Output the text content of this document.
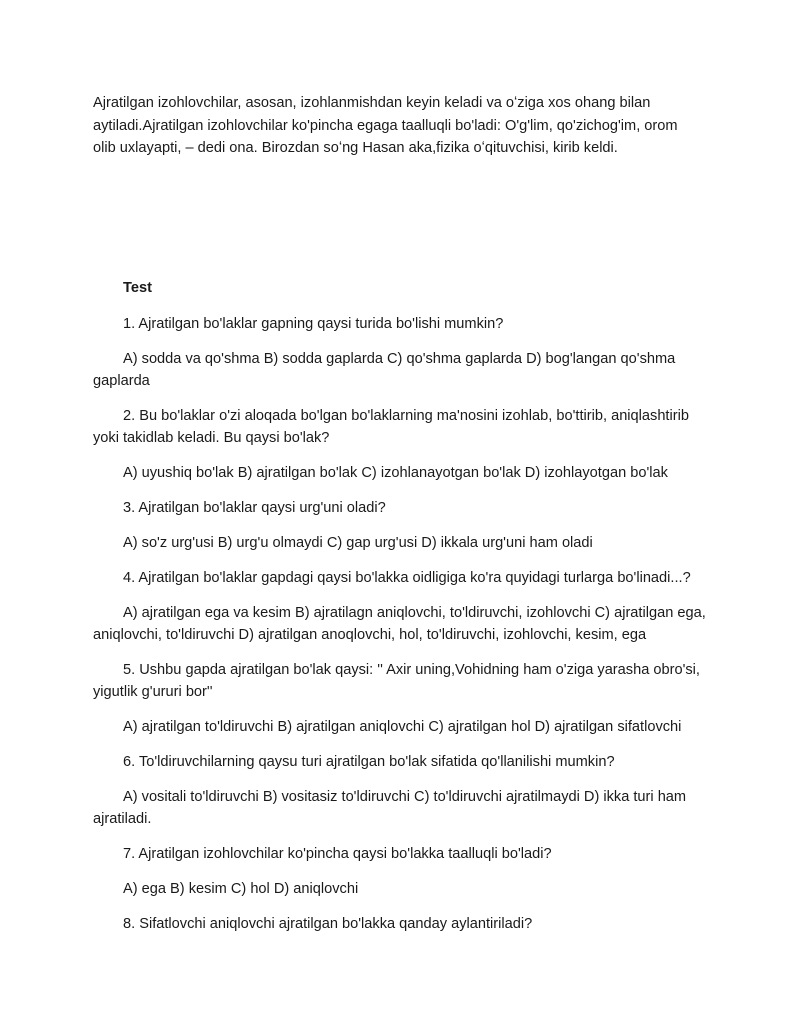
Ajratilgan izohlovchilar, asosan, izohlanmishdan keyin keladi va oʻziga xos ohang bilan aytiladi.Ajratilgan izohlovchilar ko'pincha egaga taalluqli bo'ladi: O'g'lim, qo'zichog'im, orom olib uxlayapti, – dedi ona. Birozdan soʻng Hasan aka,fizika oʻqituvchisi, kirib keldi.

Test

1. Ajratilgan bo'laklar gapning qaysi turida bo'lishi mumkin?

A) sodda va qo'shma B) sodda gaplarda C) qo'shma gaplarda D) bog'langan qo'shma gaplarda

2. Bu bo'laklar o'zi aloqada bo'lgan bo'laklarning ma'nosini izohlab, bo'ttirib, aniqlashtirib yoki takidlab keladi. Bu qaysi bo'lak?

A) uyushiq bo'lak B) ajratilgan bo'lak C) izohlanayotgan bo'lak D) izohlayotgan bo'lak

3. Ajratilgan bo'laklar qaysi urg'uni oladi?

A) so'z urg'usi B) urg'u olmaydi C) gap urg'usi D) ikkala urg'uni ham oladi

4. Ajratilgan bo'laklar gapdagi qaysi bo'lakka oidligiga ko'ra quyidagi turlarga bo'linadi...?

A) ajratilgan ega va kesim B) ajratilagn aniqlovchi, to'ldiruvchi, izohlovchi C) ajratilgan ega, aniqlovchi, to'ldiruvchi D) ajratilgan anoqlovchi, hol, to'ldiruvchi, izohlovchi, kesim, ega

5. Ushbu gapda ajratilgan bo'lak qaysi: '' Axir uning,Vohidning ham o'ziga yarasha obro'si, yigutlik g'ururi bor''

A) ajratilgan to'ldiruvchi B) ajratilgan aniqlovchi C) ajratilgan hol D) ajratilgan sifatlovchi

6. To'ldiruvchilarning qaysu turi ajratilgan bo'lak sifatida qo'llanilishi mumkin?

A) vositali to'ldiruvchi B) vositasiz to'ldiruvchi C) to'ldiruvchi ajratilmaydi D) ikka turi ham ajratiladi.

7. Ajratilgan izohlovchilar ko'pincha qaysi bo'lakka taalluqli bo'ladi?

A) ega B) kesim C) hol D) aniqlovchi

8. Sifatlovchi aniqlovchi ajratilgan bo'lakka qanday aylantiriladi?
